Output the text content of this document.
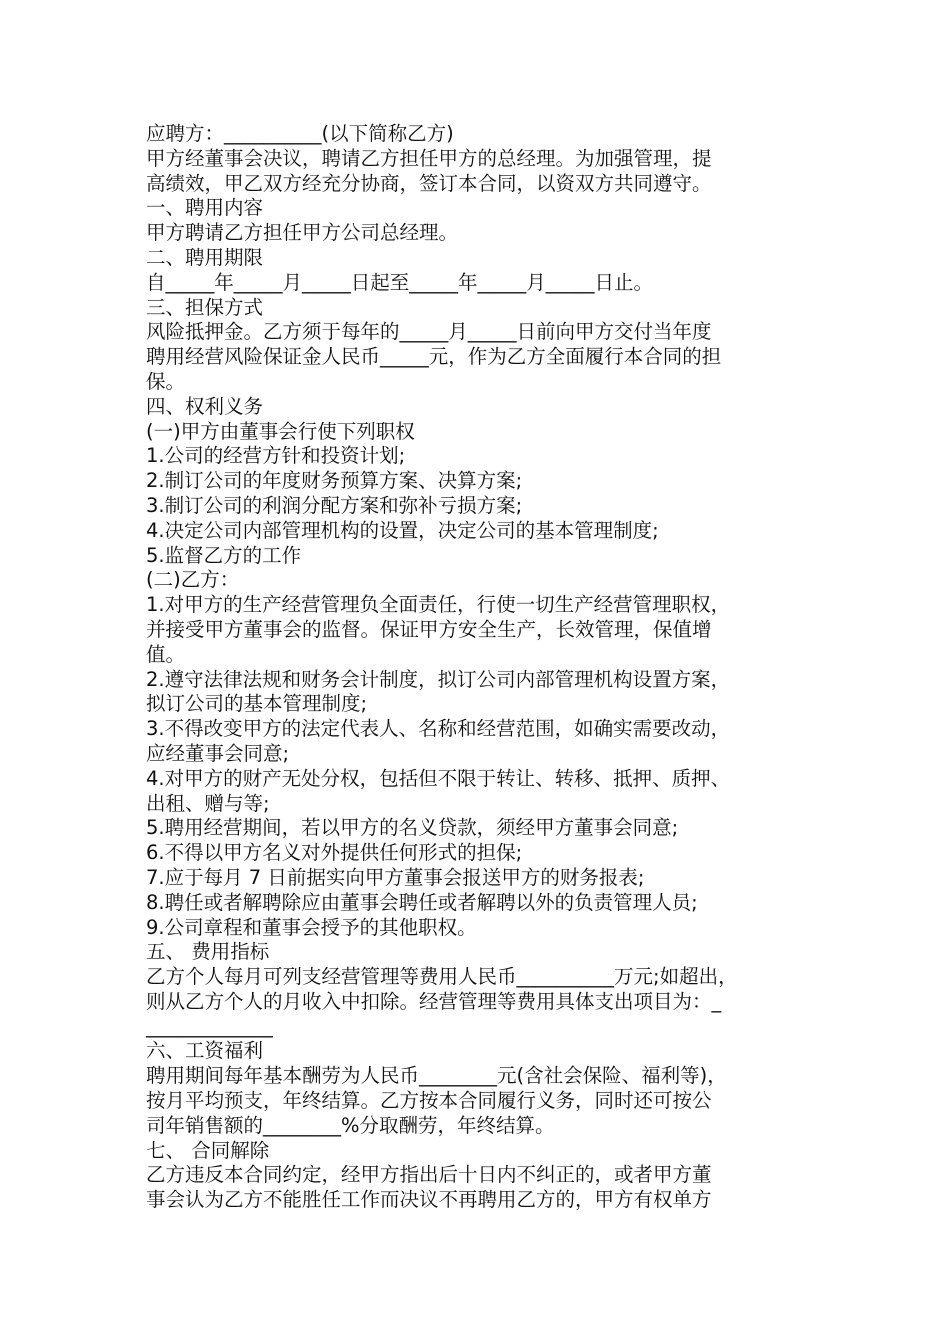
应聘方：__________(以下简称乙方)

甲方经董事会决议，聘请乙方担任甲方的总经理。为加强管理，提

高绩效，甲乙双方经充分协商，签订本合同，以资双方共同遵守。

一、聘用内容

甲方聘请乙方担任甲方公司总经理。

二、聘用期限

自_____年_____月_____日起至_____年_____月_____日止。

三、担保方式

风险抵押金。乙方须于每年的_____月_____日前向甲方交付当年度

聘用经营风险保证金人民币_____元，作为乙方全面履行本合同的担

保。

四、权利义务

(一)甲方由董事会行使下列职权

1.公司的经营方针和投资计划;

2.制订公司的年度财务预算方案、决算方案;

3.制订公司的利润分配方案和弥补亏损方案;

4.决定公司内部管理机构的设置，决定公司的基本管理制度;

5.监督乙方的工作

(二)乙方：

1.对甲方的生产经营管理负全面责任，行使一切生产经营管理职权，

并接受甲方董事会的监督。保证甲方安全生产，长效管理，保值增

值。

2.遵守法律法规和财务会计制度，拟订公司内部管理机构设置方案，

拟订公司的基本管理制度;

3.不得改变甲方的法定代表人、名称和经营范围，如确实需要改动，

应经董事会同意;

4.对甲方的财产无处分权，包括但不限于转让、转移、抵押、质押、

出租、赠与等;

5.聘用经营期间，若以甲方的名义贷款，须经甲方董事会同意;

6.不得以甲方名义对外提供任何形式的担保;

7.应于每月 7 日前据实向甲方董事会报送甲方的财务报表;

8.聘任或者解聘除应由董事会聘任或者解聘以外的负责管理人员;

9.公司章程和董事会授予的其他职权。

五、 费用指标

乙方个人每月可列支经营管理等费用人民币__________万元;如超出，

则从乙方个人的月收入中扣除。经营管理等费用具体支出项目为：_

_____________

六、工资福利

聘用期间每年基本酬劳为人民币________元(含社会保险、福利等)，

按月平均预支，年终结算。乙方按本合同履行义务，同时还可按公

司年销售额的________%分取酬劳，年终结算。

七、 合同解除

乙方违反本合同约定，经甲方指出后十日内不纠正的，或者甲方董

事会认为乙方不能胜任工作而决议不再聘用乙方的，甲方有权单方
